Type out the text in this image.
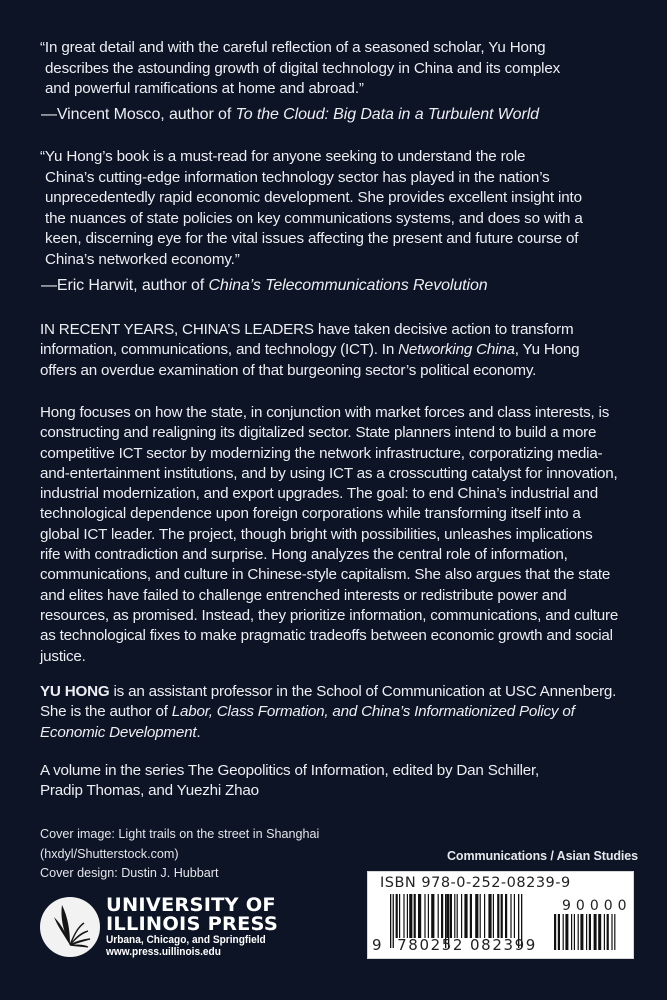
“In great detail and with the careful reflection of a seasoned scholar, Yu Hong
describes the astounding growth of digital technology in China and its complex
and powerful ramifications at home and abroad.”
—Vincent Mosco, author of To the Cloud: Big Data in a Turbulent World
“Yu Hong’s book is a must-read for anyone seeking to understand the role
China’s cutting-edge information technology sector has played in the nation’s
unprecedentedly rapid economic development. She provides excellent insight into
the nuances of state policies on key communications systems, and does so with a
keen, discerning eye for the vital issues affecting the present and future course of
China’s networked economy.”
—Eric Harwit, author of China’s Telecommunications Revolution
IN RECENT YEARS, CHINA’S LEADERS have taken decisive action to transform
information, communications, and technology (ICT). In Networking China, Yu Hong
offers an overdue examination of that burgeoning sector’s political economy.
Hong focuses on how the state, in conjunction with market forces and class interests, is
constructing and realigning its digitalized sector. State planners intend to build a more
competitive ICT sector by modernizing the network infrastructure, corporatizing media-
and-entertainment institutions, and by using ICT as a crosscutting catalyst for innovation,
industrial modernization, and export upgrades. The goal: to end China’s industrial and
technological dependence upon foreign corporations while transforming itself into a
global ICT leader. The project, though bright with possibilities, unleashes implications
rife with contradiction and surprise. Hong analyzes the central role of information,
communications, and culture in Chinese-style capitalism. She also argues that the state
and elites have failed to challenge entrenched interests or redistribute power and
resources, as promised. Instead, they prioritize information, communications, and culture
as technological fixes to make pragmatic tradeoffs between economic growth and social
justice.
YU HONG is an assistant professor in the School of Communication at USC Annenberg.
She is the author of Labor, Class Formation, and China’s Informationized Policy of
Economic Development.
A volume in the series The Geopolitics of Information, edited by Dan Schiller,
Pradip Thomas, and Yuezhi Zhao
Cover image: Light trails on the street in Shanghai
(hxdyl/Shutterstock.com)
Cover design: Dustin J. Hubbart
UNIVERSITY OF
ILLINOIS PRESS
Urbana, Chicago, and Springfield
www.press.uillinois.edu
Communications / Asian Studies
ISBN 978-0-252-08239-9
9 780252 082399
90000
